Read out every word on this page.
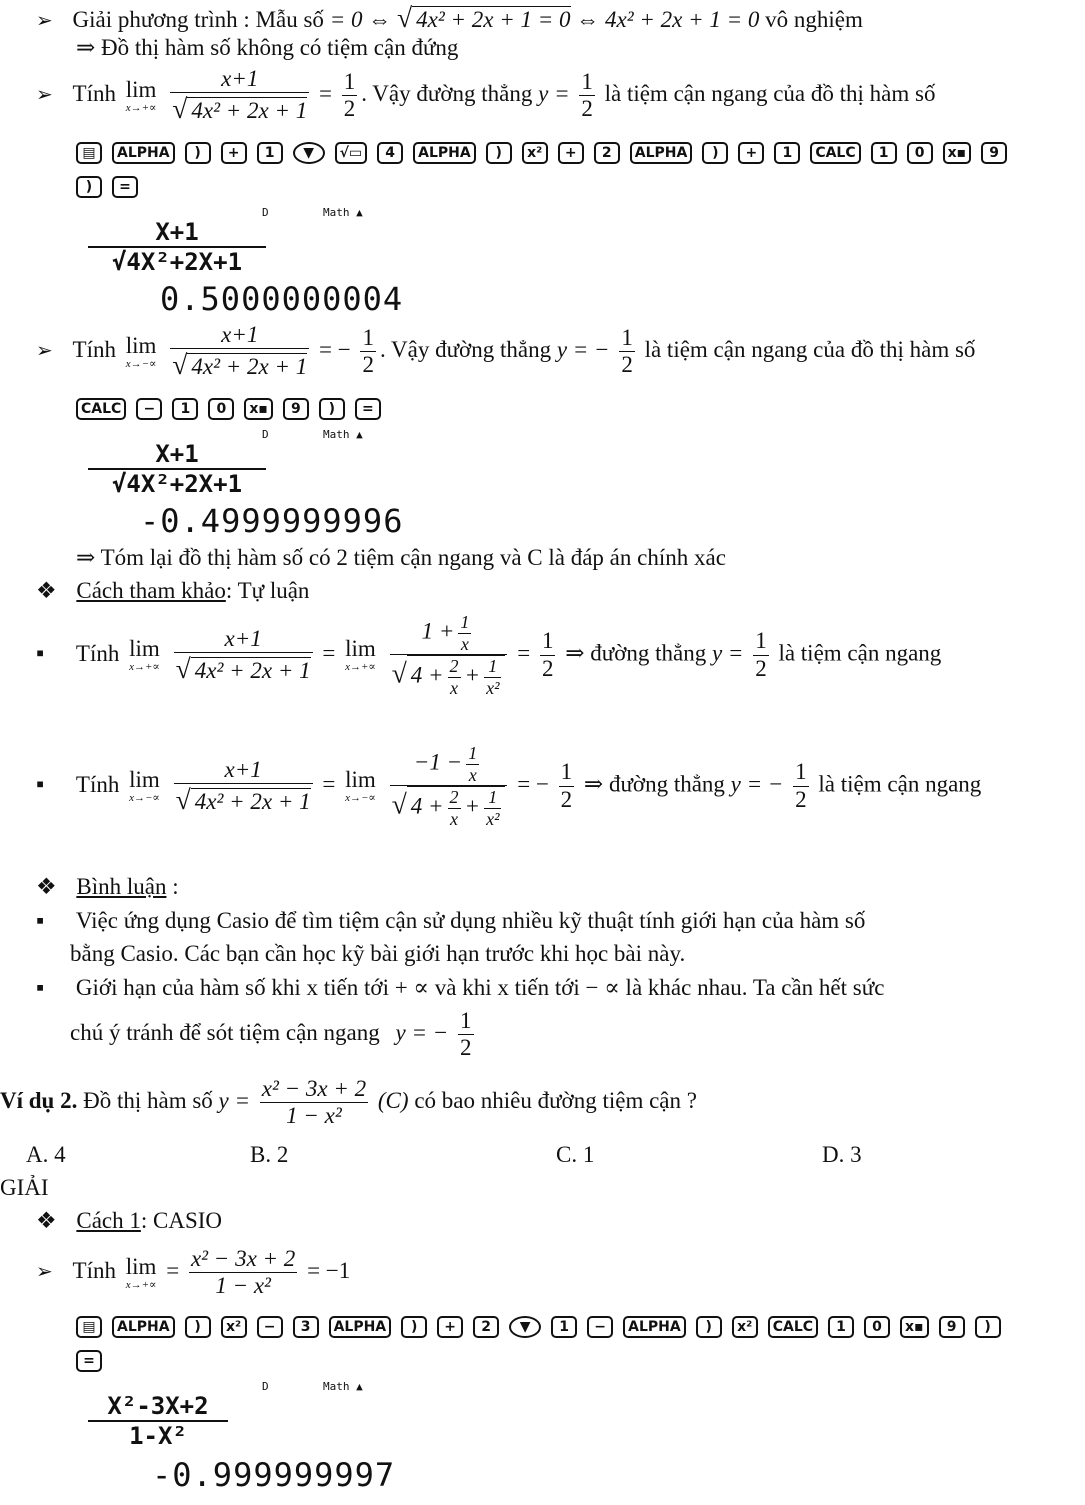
➢ Giải phương trình : Mẫu số = 0 ⇔ √ 4x² + 2x + 1 = 0 ⇔ 4x² + 2x + 1 = 0 vô nghiệm
⇒ Đồ thị hàm số không có tiệm cận đứng
➢ Tính lim
x→+∝
$\frac{x+1}{\text{√ 4x² + 2x + 1}} = \frac{1}{2}$ . Vậy đường thẳng $y = \frac{1}{2}$ là tiệm cận ngang của đồ thị hàm số
▤	ALPHA	)	+	1	▼	√▭	4	ALPHA	)	x²	+	2	ALPHA	)	+	1	CALC	1	0	x▪	9
)	=
D	Math ▲
X+1
√4X²+2X+1
0.5000000004
➢ Tính lim
x→−∝
$\frac{x+1}{\text{√ 4x² + 2x + 1}}$ = − $\frac{1}{2}$ . Vậy đường thẳng y = − $\frac{1}{2}$ là tiệm cận ngang của đồ thị hàm số
CALC	−	1	0	x▪	9	)	=
D	Math ▲
X+1
√4X²+2X+1
-0.4999999996
⇒ Tóm lại đồ thị hàm số có 2 tiệm cận ngang và C là đáp án chính xác
❖ Cách tham khảo: Tự luận
▪ Tính lim
x→+∝
$\frac{x+1}{\text{√ 4x² + 2x + 1}} = \lim$
x→+∝
$\frac{1 + \frac{1}{x}}{√ 4 + \frac{2}{x} + \frac{1}{\text{x²}}} = \frac{1}{2}$ ⇒ đường thẳng $y = \frac{1}{2}$ là tiệm cận ngang
▪ Tính lim
x→−∝
$\frac{x+1}{\text{√ 4x² + 2x + 1}} = \lim$
x→−∝
$\frac{-1 - \frac{1}{x}}{√ 4 + \frac{2}{x} + \frac{1}{\text{x²}}}$ = − $\frac{1}{2}$ ⇒ đường thẳng y = − $\frac{1}{2}$ là tiệm cận ngang
❖ Bình luận :
▪ Việc ứng dụng Casio để tìm tiệm cận sử dụng nhiều kỹ thuật tính giới hạn của hàm số
bằng Casio. Các bạn cần học kỹ bài giới hạn trước khi học bài này.
▪ Giới hạn của hàm số khi x tiến tới + ∝ và khi x tiến tới − ∝ là khác nhau. Ta cần hết sức
chú ý tránh để sót tiệm cận ngang y = − $\frac{1}{2}$
Ví dụ 2. Đồ thị hàm số $y = \frac{\text{x² − 3x + 2}}{\text{1 − x²}} (C)$ có bao nhiêu đường tiệm cận ?
A. 4	B. 2	C. 1	D. 3
GIẢI
❖ Cách 1: CASIO
➢ Tính lim
x→+∝
= $\frac{\text{x² − 3x + 2}}{\text{1 − x²}} = -1$
▤	ALPHA	)	x²	−	3	ALPHA	)	+	2	▼	1	−	ALPHA	)	x²	CALC	1	0	x▪	9	)
=
D	Math ▲
X²-3X+2
1-X²
-0.999999997
